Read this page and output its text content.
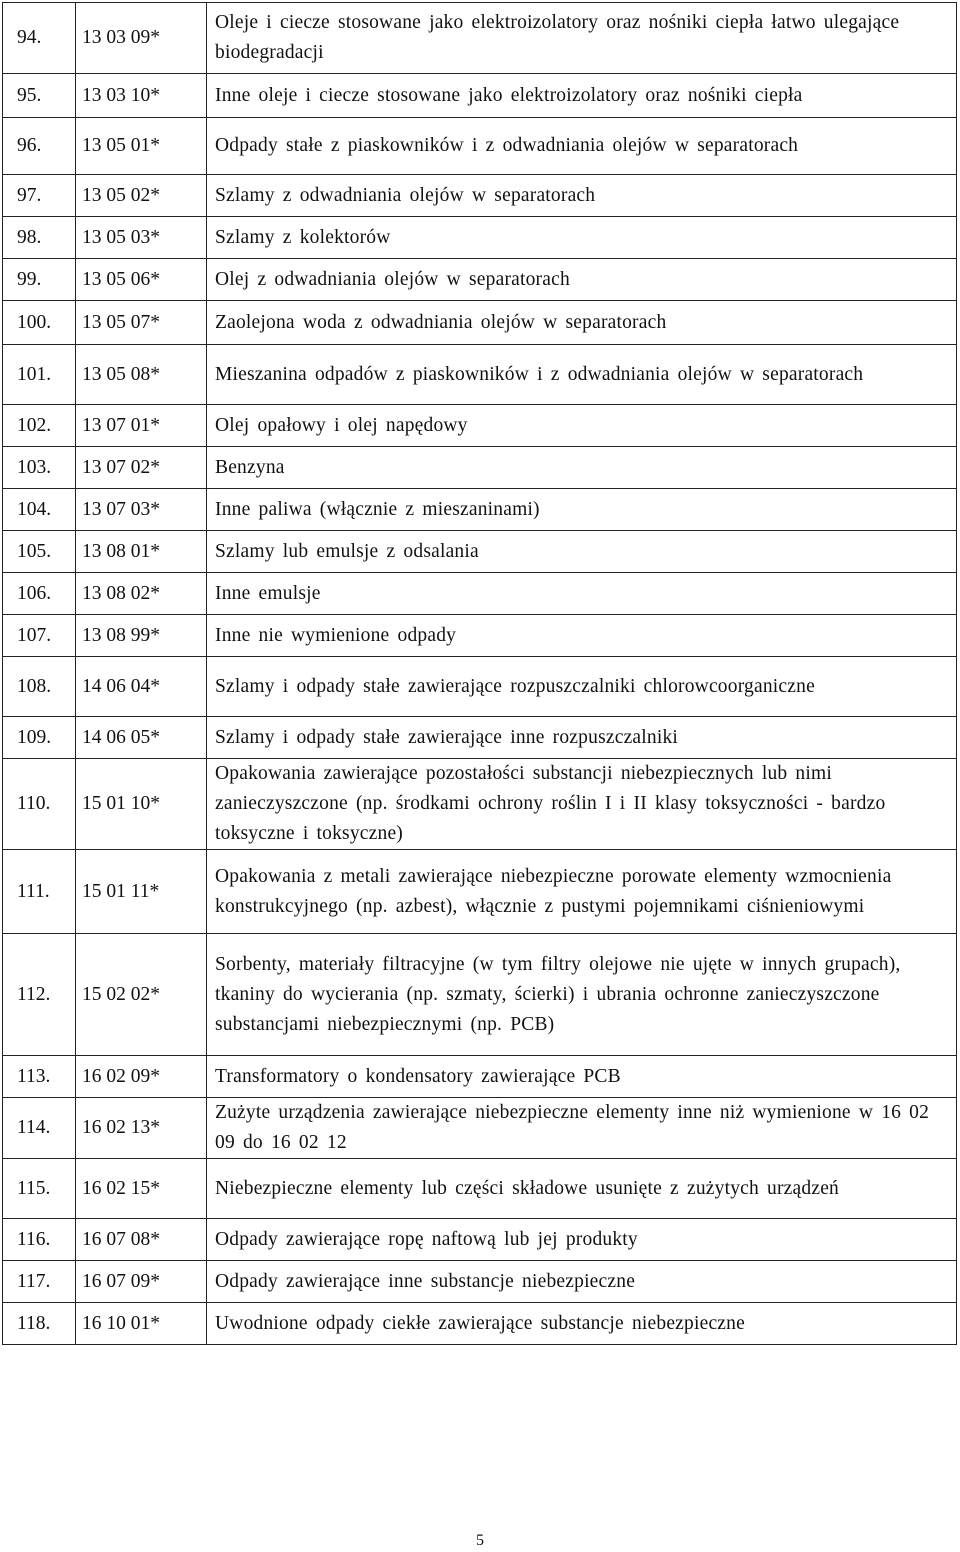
94.	13 03 09*	Oleje i ciecze stosowane jako elektroizolatory oraz nośniki ciepła łatwo ulegające biodegradacji
95.	13 03 10*	Inne oleje i ciecze stosowane jako elektroizolatory oraz nośniki ciepła
96.	13 05 01*	Odpady stałe z piaskowników i z odwadniania olejów w separatorach
97.	13 05 02*	Szlamy z odwadniania olejów w separatorach
98.	13 05 03*	Szlamy z kolektorów
99.	13 05 06*	Olej z odwadniania olejów w separatorach
100.	13 05 07*	Zaolejona woda z odwadniania olejów w separatorach
101.	13 05 08*	Mieszanina odpadów z piaskowników i z odwadniania olejów w separatorach
102.	13 07 01*	Olej opałowy i olej napędowy
103.	13 07 02*	Benzyna
104.	13 07 03*	Inne paliwa (włącznie z mieszaninami)
105.	13 08 01*	Szlamy lub emulsje z odsalania
106.	13 08 02*	Inne emulsje
107.	13 08 99*	Inne nie wymienione odpady
108.	14 06 04*	Szlamy i odpady stałe zawierające rozpuszczalniki chlorowcoorganiczne
109.	14 06 05*	Szlamy i odpady stałe zawierające inne rozpuszczalniki
110.	15 01 10*	Opakowania zawierające pozostałości substancji niebezpiecznych lub nimi zanieczyszczone (np. środkami ochrony roślin I i II klasy toksyczności - bardzo toksyczne i toksyczne)
111.	15 01 11*	Opakowania z metali zawierające niebezpieczne porowate elementy wzmocnienia konstrukcyjnego (np. azbest), włącznie z pustymi pojemnikami ciśnieniowymi
112.	15 02 02*	Sorbenty, materiały filtracyjne (w tym filtry olejowe nie ujęte w innych grupach), tkaniny do wycierania (np. szmaty, ścierki) i ubrania ochronne zanieczyszczone substancjami niebezpiecznymi (np. PCB)
113.	16 02 09*	Transformatory o kondensatory zawierające PCB
114.	16 02 13*	Zużyte urządzenia zawierające niebezpieczne elementy inne niż wymienione w 16 02 09 do 16 02 12
115.	16 02 15*	Niebezpieczne elementy lub części składowe usunięte z zużytych urządzeń
116.	16 07 08*	Odpady zawierające ropę naftową lub jej produkty
117.	16 07 09*	Odpady zawierające inne substancje niebezpieczne
118.	16 10 01*	Uwodnione odpady ciekłe zawierające substancje niebezpieczne
5
